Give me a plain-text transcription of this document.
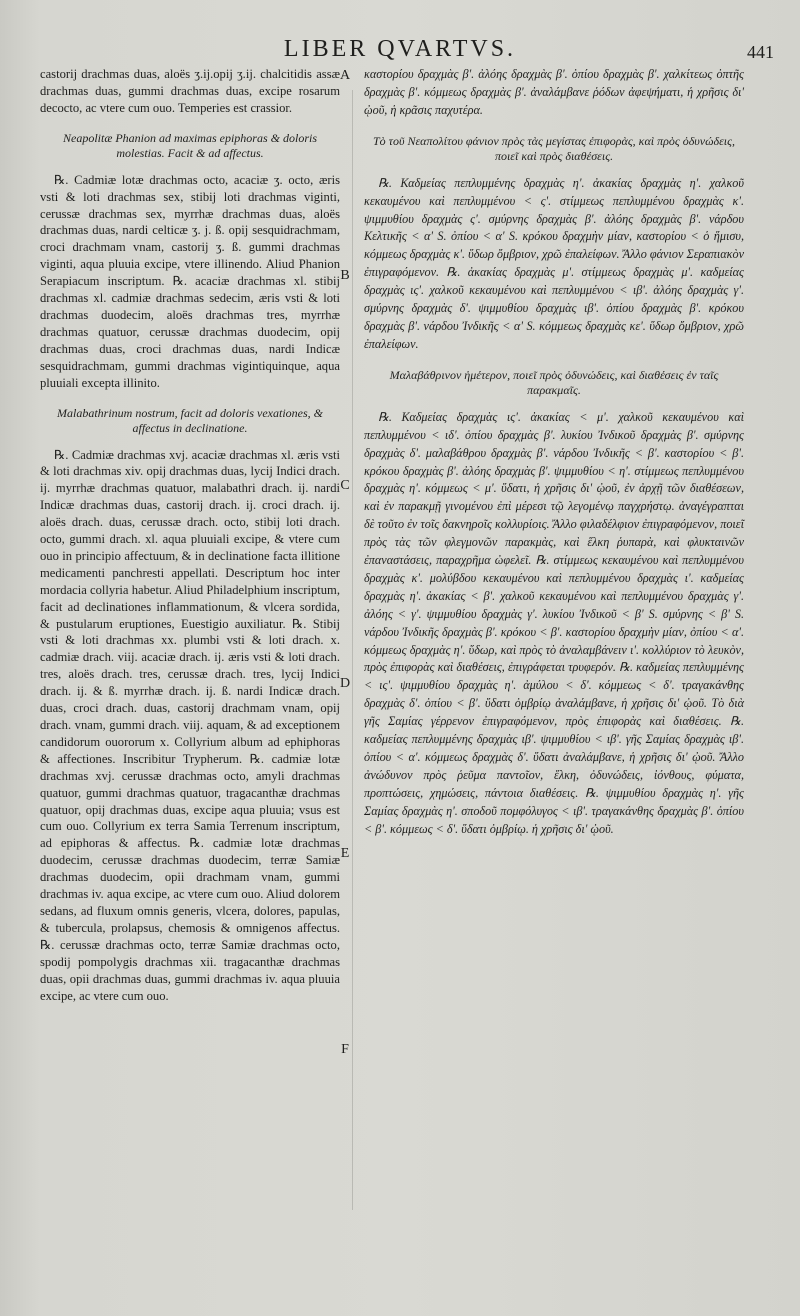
LIBER QVARTVS.	441
castorij drachmas duas, aloës ʒ.ij.opij ʒ.ij. chalcitidis assæ drachmas duas, gummi drachmas duas, excipe rosarum decocto, ac vtere cum ouo. Temperies est crassior.
Neapolitæ Phanion ad maximas epiphoras & doloris molestias. Facit & ad affectus.
℞. Cadmiæ lotæ drachmas octo, acaciæ ʒ. octo, æris vsti & loti drachmas sex, stibij loti drachmas viginti, cerussæ drachmas sex, myrrhæ drachmas duas, aloës drachmas duas, nardi celticæ ʒ. j. ß. opij sesquidrachmam, croci drachmam vnam, castorij ʒ. ß. gummi drachmas viginti, aqua pluuia excipe, vtere illinendo. Aliud Phanion Serapiacum inscriptum. ℞. acaciæ drachmas xl. stibij drachmas xl. cadmiæ drachmas sedecim, æris vsti & loti drachmas duodecim, aloës drachmas tres, myrrhæ drachmas quatuor, cerussæ drachmas duodecim, opij drachmas duas, croci drachmas duas, nardi Indicæ sesquidrachmam, gummi drachmas vigintiquinque, aqua pluuiali excepta illinito.
Malabathrinum nostrum, facit ad doloris vexationes, & affectus in declinatione.
℞. Cadmiæ drachmas xvj. acaciæ drachmas xl. æris vsti & loti drachmas xiv. opij drachmas duas, lycij Indici drach. ij. myrrhæ drachmas quatuor, malabathri drach. ij. nardi Indicæ drachmas duas, castorij drach. ij. croci drach. ij. aloës drach. duas, cerussæ drach. octo, stibij loti drach. octo, gummi drach. xl. aqua pluuiali excipe, & vtere cum ouo in principio affectuum, & in declinatione facta illitione medicamenti panchresti appellati. Descriptum hoc inter mordacia collyria habetur. Aliud Philadelphium inscriptum, facit ad declinationes inflammationum, & vlcera sordida, & pustularum eruptiones, Euestigio auxiliatur. ℞. Stibij vsti & loti drachmas xx. plumbi vsti & loti drach. x. cadmiæ drach. viij. acaciæ drach. ij. æris vsti & loti drach. tres, aloës drach. tres, cerussæ drach. tres, lycij Indici drach. ij. & ß. myrrhæ drach. ij. ß. nardi Indicæ drach. duas, croci drach. duas, castorij drachmam vnam, opij drach. vnam, gummi drach. viij. aquam, & ad exceptionem candidorum ouororum x. Collyrium album ad ephiphoras & affectiones. Inscribitur Trypherum. ℞. cadmiæ lotæ drachmas xvj. cerussæ drachmas octo, amyli drachmas quatuor, gummi drachmas quatuor, tragacanthæ drachmas quatuor, opij drachmas duas, excipe aqua pluuia; vsus est cum ouo. Collyrium ex terra Samia Terrenum inscriptum, ad epiphoras & affectus. ℞. cadmiæ lotæ drachmas duodecim, cerussæ drachmas duodecim, terræ Samiæ drachmas duodecim, opii drachmam vnam, gummi drachmas iv. aqua excipe, ac vtere cum ouo. Aliud dolorem sedans, ad fluxum omnis generis, vlcera, dolores, papulas, & tubercula, prolapsus, chemosis & omnigenos affectus. ℞. cerussæ drachmas octo, terræ Samiæ drachmas octo, spodij pompolygis drachmas xii. tragacanthæ drachmas duas, opii drachmas duas, gummi drachmas iv. aqua pluuia excipe, ac vtere cum ouo.
A
B
C
D
E
F
καστορίου δραχμὰς β'. ἀλόης δραχμὰς β'. ὀπίου δραχμὰς β'. χαλκίτεως ὀπτῆς δραχμὰς β'. κόμμεως δραχμὰς β'. ἀναλάμβανε ῥόδων ἀφεψήματι, ἡ χρῆσις δι' ᾠοῦ, ἡ κρᾶσις παχυτέρα.
Τὸ τοῦ Νεαπολίτου φάνιον πρὸς τὰς μεγίστας ἐπιφορὰς, καὶ πρὸς ὀδυνώδεις, ποιεῖ καὶ πρὸς διαθέσεις.
℞. Καδμείας πεπλυμμένης δραχμὰς η'. ἀκακίας δραχμὰς η'. χαλκοῦ κεκαυμένου καὶ πεπλυμμένου < ς'. στίμμεως πεπλυμμένου δραχμὰς κ'. ψιμμυθίου δραχμὰς ς'. σμύρνης δραχμὰς β'. ἀλόης δραχμὰς β'. νάρδου Κελτικῆς < α' S. ὀπίου < α' S. κρόκου δραχμὴν μίαν, καστορίου < ὁ ἥμισυ, κόμμεως δραχμὰς κ'. ὕδωρ ὄμβριον, χρῶ ἐπαλείφων. Ἄλλο φάνιον Σεραπιακὸν ἐπιγραφόμενον. ℞. ἀκακίας δραχμὰς μ'. στίμμεως δραχμὰς μ'. καδμείας δραχμὰς ις'. χαλκοῦ κεκαυμένου καὶ πεπλυμμένου < ιβ'. ἀλόης δραχμὰς γ'. σμύρνης δραχμὰς δ'. ψιμμυθίου δραχμὰς ιβ'. ὀπίου δραχμὰς β'. κρόκου δραχμὰς β'. νάρδου Ἰνδικῆς < α' S. κόμμεως δραχμὰς κε'. ὕδωρ ὄμβριον, χρῶ ἐπαλείφων.
Μαλαβάθρινον ἡμέτερον, ποιεῖ πρὸς ὀδυνώδεις, καὶ διαθέσεις ἐν ταῖς παρακμαῖς.
℞. Καδμείας δραχμὰς ις'. ἀκακίας < μ'. χαλκοῦ κεκαυμένου καὶ πεπλυμμένου < ιδ'. ὀπίου δραχμὰς β'. λυκίου Ἰνδικοῦ δραχμὰς β'. σμύρνης δραχμὰς δ'. μαλαβάθρου δραχμὰς β'. νάρδου Ἰνδικῆς < β'. καστορίου < β'. κρόκου δραχμὰς β'. ἀλόης δραχμὰς β'. ψιμμυθίου < η'. στίμμεως πεπλυμμένου δραχμὰς η'. κόμμεως < μ'. ὕδατι, ἡ χρῆσις δι' ᾠοῦ, ἐν ἀρχῇ τῶν διαθέσεων, καὶ ἐν παρακμῇ γινομένου ἐπὶ μέρεσι τῷ λεγομένῳ παγχρήστῳ. ἀναγέγραπται δὲ τοῦτο ἐν τοῖς δακνηροῖς κολλυρίοις. Ἄλλο φιλαδέλφιον ἐπιγραφόμενον, ποιεῖ πρὸς τὰς τῶν φλεγμονῶν παρακμὰς, καὶ ἕλκη ῥυπαρὰ, καὶ φλυκταινῶν ἐπαναστάσεις, παραχρῆμα ὠφελεῖ. ℞. στίμμεως κεκαυμένου καὶ πεπλυμμένου δραχμὰς κ'. μολύβδου κεκαυμένου καὶ πεπλυμμένου δραχμὰς ι'. καδμείας δραχμὰς η'. ἀκακίας < β'. χαλκοῦ κεκαυμένου καὶ πεπλυμμένου δραχμὰς γ'. ἀλόης < γ'. ψιμμυθίου δραχμὰς γ'. λυκίου Ἰνδικοῦ < β' S. σμύρνης < β' S. νάρδου Ἰνδικῆς δραχμὰς β'. κρόκου < β'. καστορίου δραχμὴν μίαν, ὀπίου < α'. κόμμεως δραχμὰς η'. ὕδωρ, καὶ πρὸς τὸ ἀναλαμβάνειν ι'. κολλύριον τὸ λευκὸν, πρὸς ἐπιφορὰς καὶ διαθέσεις, ἐπιγράφεται τρυφερόν. ℞. καδμείας πεπλυμμένης < ις'. ψιμμυθίου δραχμὰς η'. ἀμύλου < δ'. κόμμεως < δ'. τραγακάνθης δραχμὰς δ'. ὀπίου < β'. ὕδατι ὀμβρίῳ ἀναλάμβανε, ἡ χρῆσις δι' ᾠοῦ. Τὸ διὰ γῆς Σαμίας γέρρενον ἐπιγραφόμενον, πρὸς ἐπιφορὰς καὶ διαθέσεις. ℞. καδμείας πεπλυμμένης δραχμὰς ιβ'. ψιμμυθίου < ιβ'. γῆς Σαμίας δραχμὰς ιβ'. ὀπίου < α'. κόμμεως δραχμὰς δ'. ὕδατι ἀναλάμβανε, ἡ χρῆσις δι' ᾠοῦ. Ἄλλο ἀνώδυνον πρὸς ῥεῦμα παντοῖον, ἕλκη, ὀδυνώδεις, ἰόνθους, φύματα, προπτώσεις, χημώσεις, πάντοια διαθέσεις. ℞. ψιμμυθίου δραχμὰς η'. γῆς Σαμίας δραχμὰς η'. σποδοῦ πομφόλυγος < ιβ'. τραγακάνθης δραχμὰς β'. ὀπίου < β'. κόμμεως < δ'. ὕδατι ὀμβρίῳ. ἡ χρῆσις δι' ᾠοῦ.
